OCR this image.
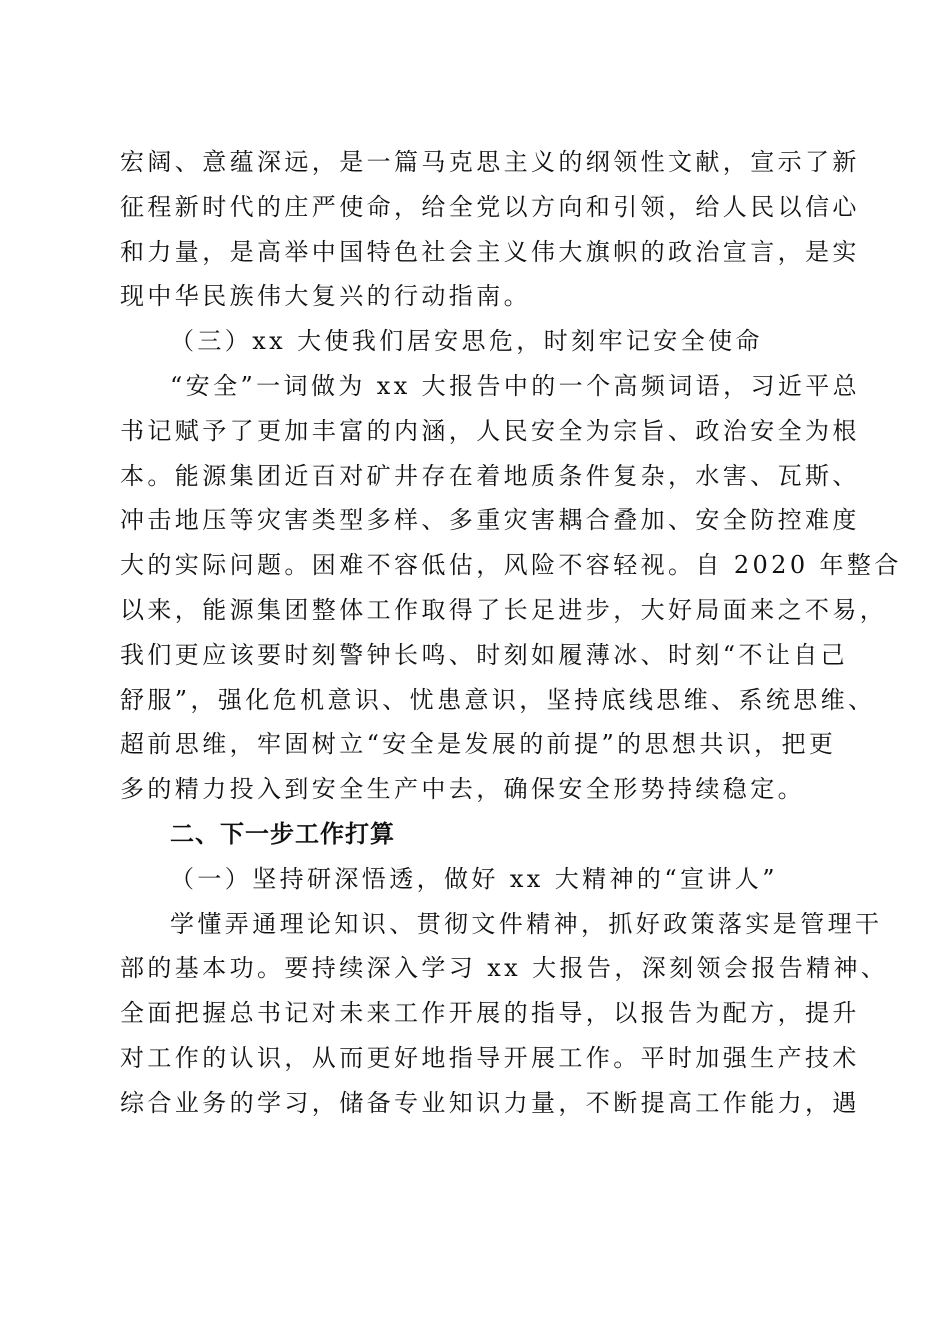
宏阔、意蕴深远，是一篇马克思主义的纲领性文献，宣示了新
征程新时代的庄严使命，给全党以方向和引领，给人民以信心
和力量，是高举中国特色社会主义伟大旗帜的政治宣言，是实
现中华民族伟大复兴的行动指南。
（三）xx 大使我们居安思危，时刻牢记安全使命
“安全”一词做为 xx 大报告中的一个高频词语，习近平总
书记赋予了更加丰富的内涵，人民安全为宗旨、政治安全为根
本。能源集团近百对矿井存在着地质条件复杂，水害、瓦斯、
冲击地压等灾害类型多样、多重灾害耦合叠加、安全防控难度
大的实际问题。困难不容低估，风险不容轻视。自 2020 年整合
以来，能源集团整体工作取得了长足进步，大好局面来之不易，
我们更应该要时刻警钟长鸣、时刻如履薄冰、时刻“不让自己
舒服”，强化危机意识、忧患意识，坚持底线思维、系统思维、
超前思维，牢固树立“安全是发展的前提”的思想共识，把更
多的精力投入到安全生产中去，确保安全形势持续稳定。
二、下一步工作打算
（一）坚持研深悟透，做好 xx 大精神的“宣讲人”
学懂弄通理论知识、贯彻文件精神，抓好政策落实是管理干
部的基本功。要持续深入学习 xx 大报告，深刻领会报告精神、
全面把握总书记对未来工作开展的指导，以报告为配方，提升
对工作的认识，从而更好地指导开展工作。平时加强生产技术
综合业务的学习，储备专业知识力量，不断提高工作能力，遇
